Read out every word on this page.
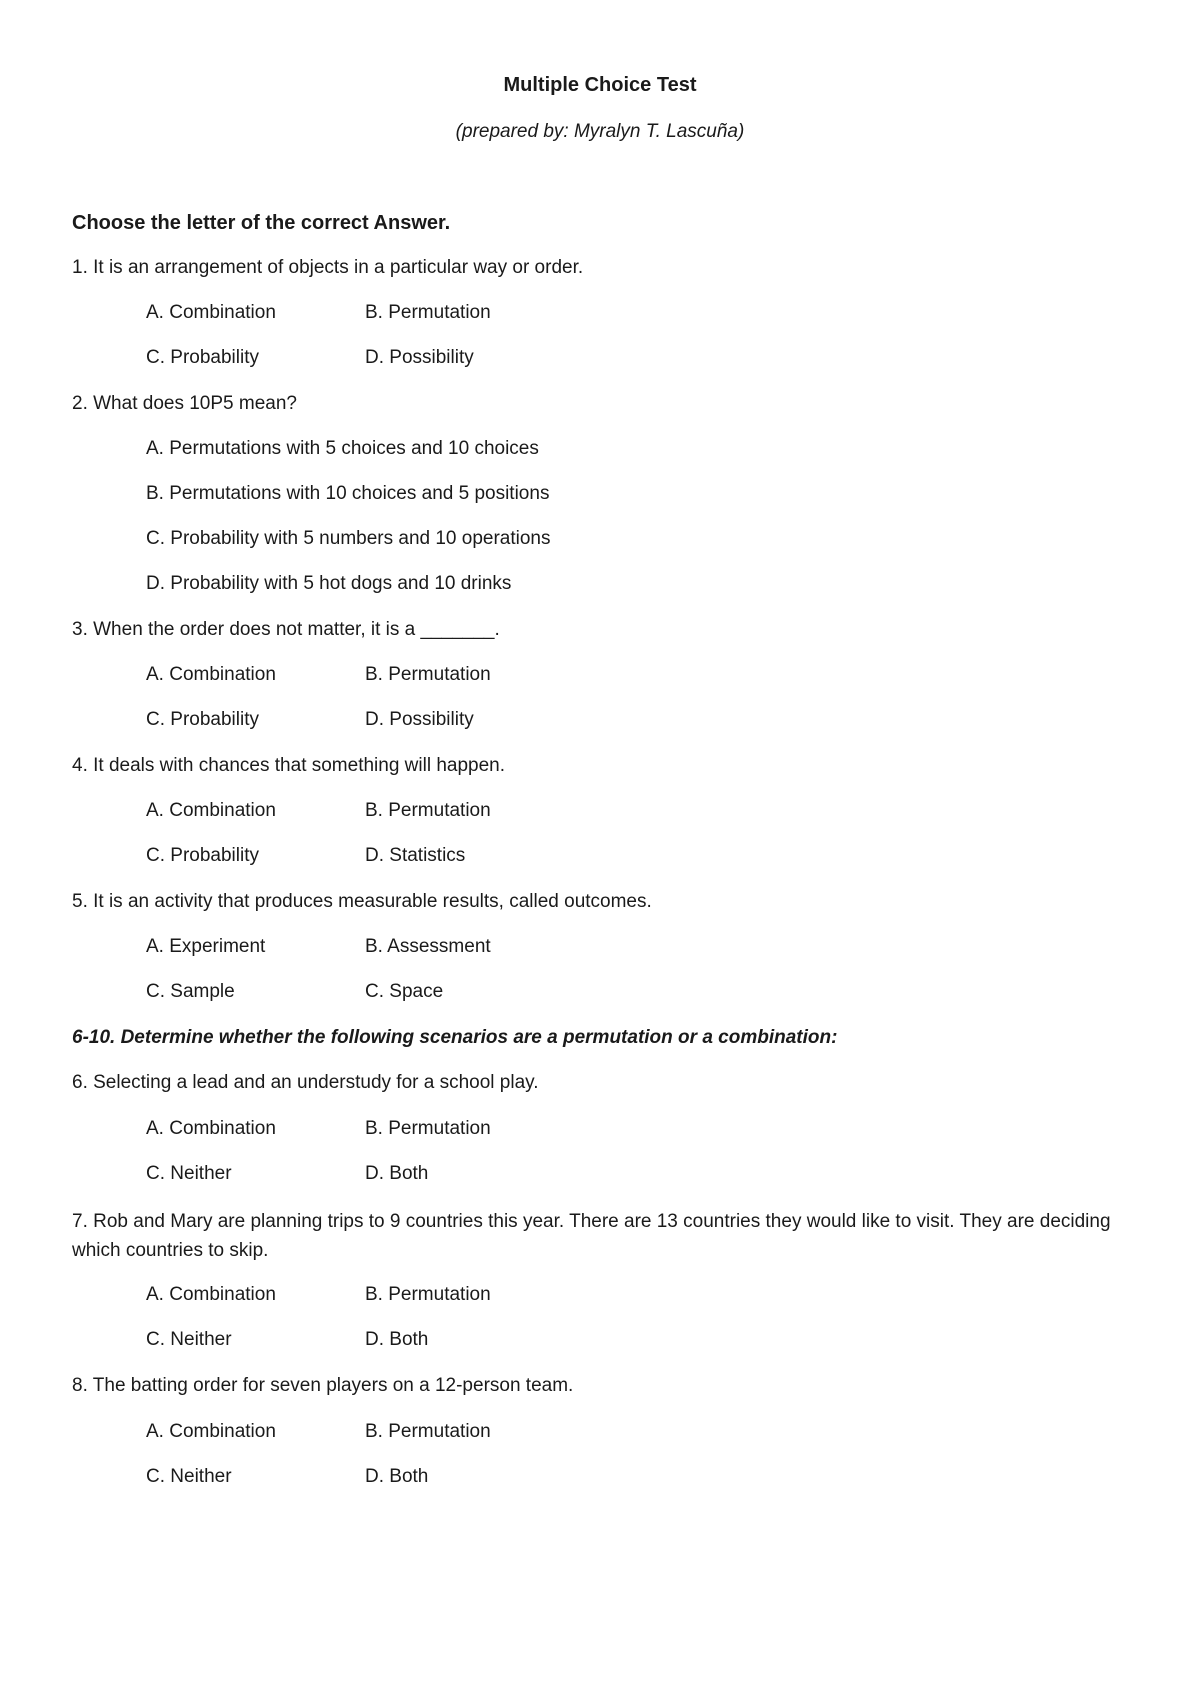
Multiple Choice Test
(prepared by: Myralyn T. Lascuña)
Choose the letter of the correct Answer.
1. It is an arrangement of objects in a particular way or order.
A. Combination	B. Permutation
C. Probability	D. Possibility
2. What does 10P5 mean?
A. Permutations with 5 choices and 10 choices
B. Permutations with 10 choices and 5 positions
C. Probability with 5 numbers and 10 operations
D. Probability with 5 hot dogs and 10 drinks
3. When the order does not matter, it is a _______.
A. Combination	B. Permutation
C. Probability	D. Possibility
4. It deals with chances that something will happen.
A. Combination	B. Permutation
C. Probability	D. Statistics
5. It is an activity that produces measurable results, called outcomes.
A. Experiment	B. Assessment
C. Sample	C. Space
6-10. Determine whether the following scenarios are a permutation or a combination:
6. Selecting a lead and an understudy for a school play.
A. Combination	B. Permutation
C. Neither	D. Both
7. Rob and Mary are planning trips to 9 countries this year. There are 13 countries they would like to visit. They are deciding which countries to skip.
A. Combination	B. Permutation
C. Neither	D. Both
8. The batting order for seven players on a 12-person team.
A. Combination	B. Permutation
C. Neither	D. Both
